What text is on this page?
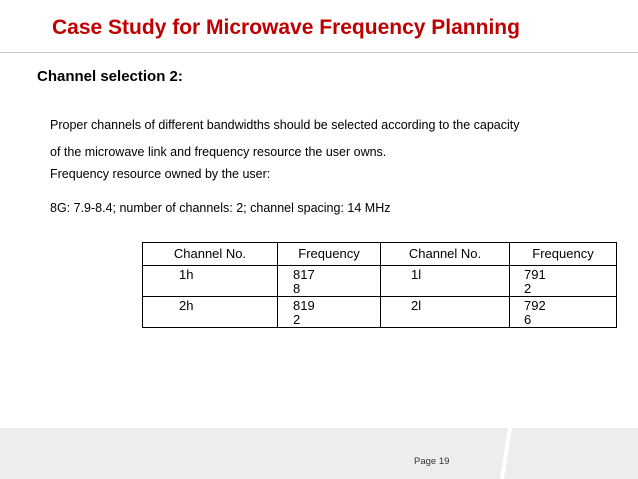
Case Study for Microwave Frequency Planning
Channel selection 2:
Proper channels of different bandwidths should be selected according to the capacity
of the microwave link and frequency resource the user owns.
Frequency resource owned by the user:
8G: 7.9-8.4; number of channels: 2; channel spacing: 14 MHz
Channel No.	Frequency	Channel No.	Frequency
1h	8178	1l	7912
2h	8192	2l	7926
Page 19
